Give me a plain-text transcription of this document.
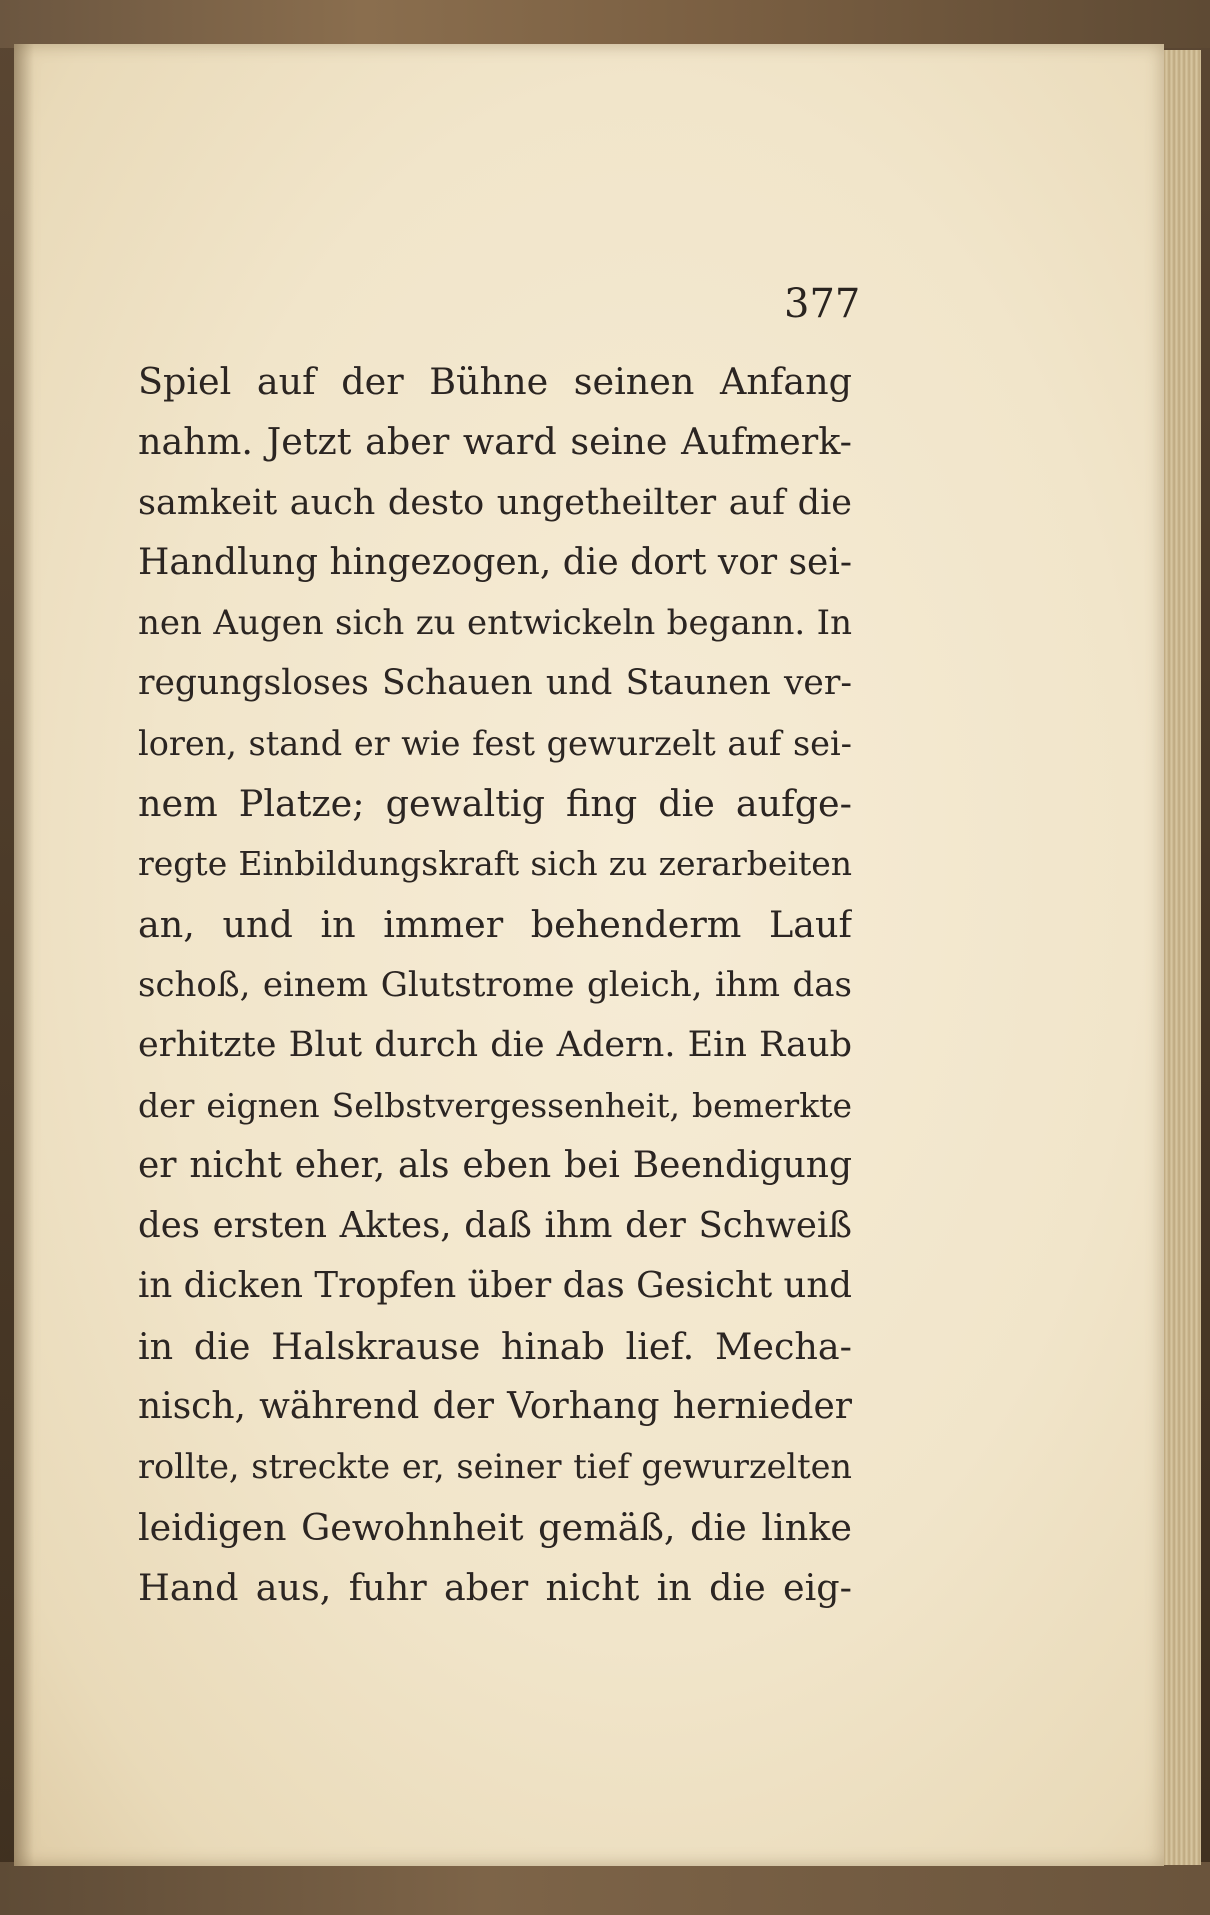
377
Spiel auf der Bühne seinen Anfang
nahm. Jetzt aber ward seine Aufmerk-
samkeit auch desto ungetheilter auf die
Handlung hingezogen, die dort vor sei-
nen Augen sich zu entwickeln begann. In
regungsloses Schauen und Staunen ver-
loren, stand er wie fest gewurzelt auf sei-
nem Platze; gewaltig fing die aufge-
regte Einbildungskraft sich zu zerarbeiten
an, und in immer behenderm Lauf
schoß, einem Glutstrome gleich, ihm das
erhitzte Blut durch die Adern. Ein Raub
der eignen Selbstvergessenheit, bemerkte
er nicht eher, als eben bei Beendigung
des ersten Aktes, daß ihm der Schweiß
in dicken Tropfen über das Gesicht und
in die Halskrause hinab lief. Mecha-
nisch, während der Vorhang hernieder
rollte, streckte er, seiner tief gewurzelten
leidigen Gewohnheit gemäß, die linke
Hand aus, fuhr aber nicht in die eig-
